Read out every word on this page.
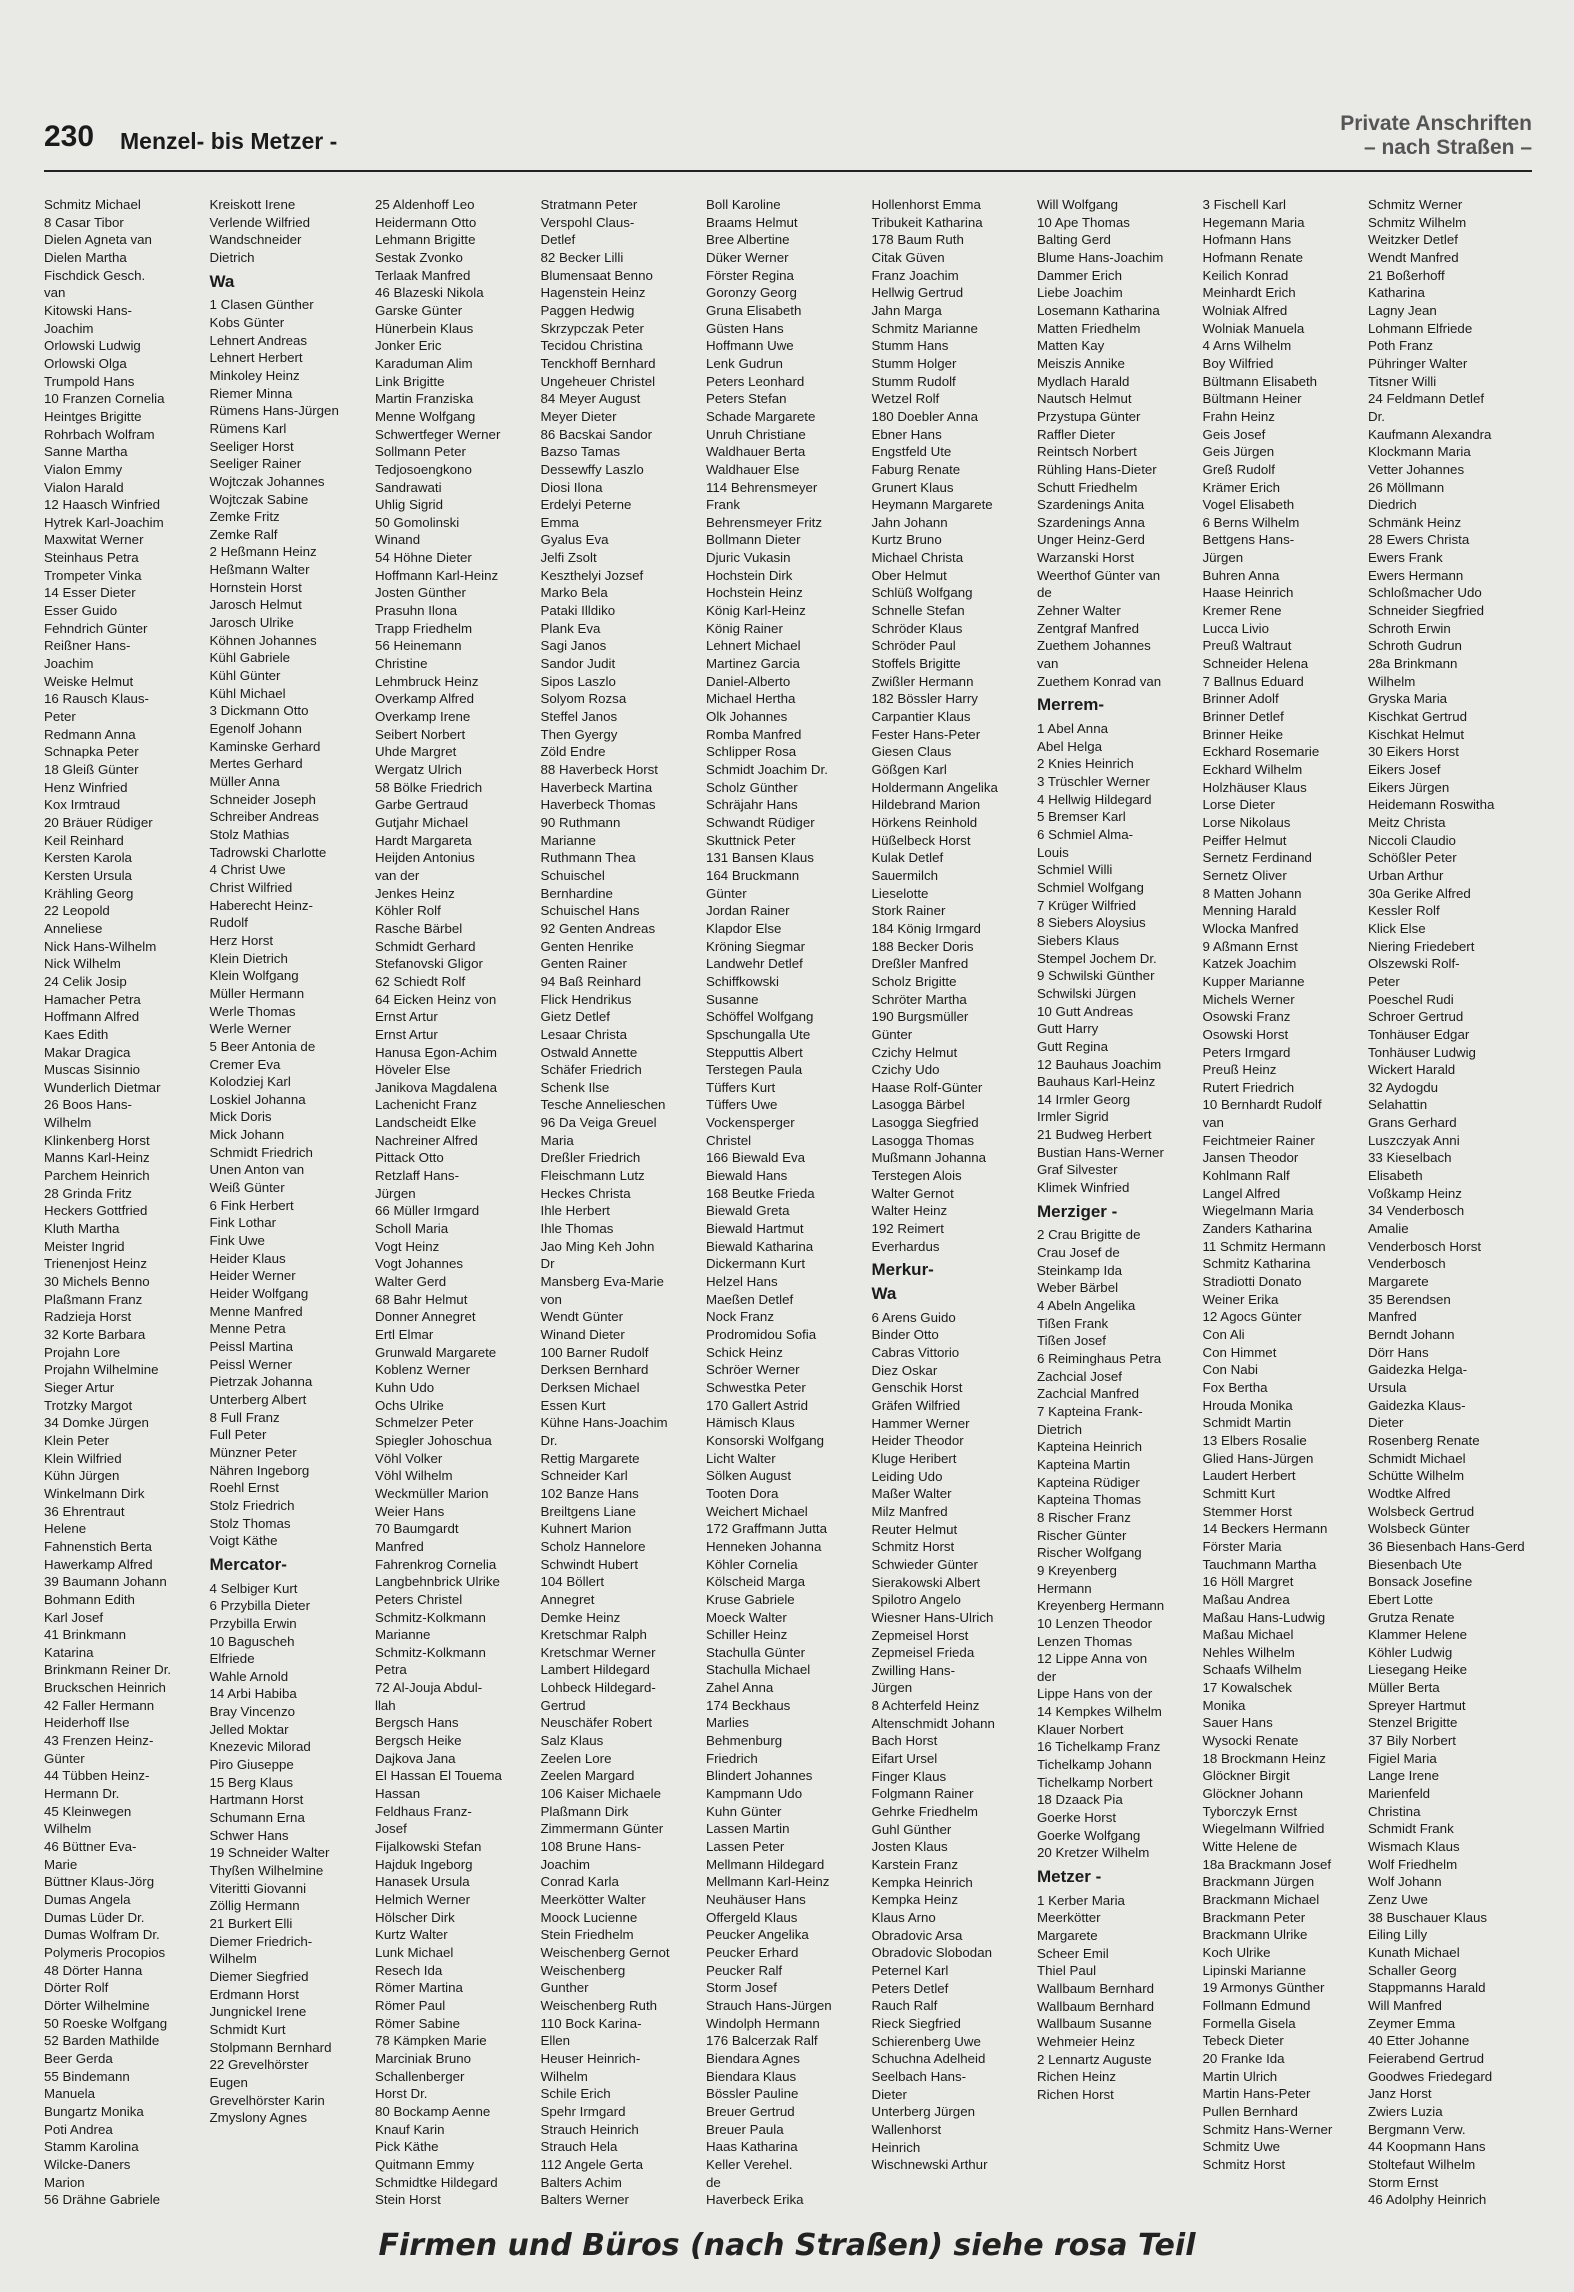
230 Menzel- bis Metzer -
Private Anschriften
– nach Straßen –
Schmitz Michael
8 Casar Tibor
Dielen Agneta van
Dielen Martha
Fischdick Gesch.
van
Kitowski Hans-
Joachim
Orlowski Ludwig
Orlowski Olga
Trumpold Hans
10 Franzen Cornelia
Heintges Brigitte
Rohrbach Wolfram
Sanne Martha
Vialon Emmy
Vialon Harald
12 Haasch Winfried
Hytrek Karl-Joachim
Maxwitat Werner
Steinhaus Petra
Trompeter Vinka
14 Esser Dieter
Esser Guido
Fehndrich Günter
Reißner Hans-
Joachim
Weiske Helmut
16 Rausch Klaus-
Peter
Redmann Anna
Schnapka Peter
18 Gleiß Günter
Henz Winfried
Kox Irmtraud
20 Bräuer Rüdiger
Keil Reinhard
Kersten Karola
Kersten Ursula
Krähling Georg
22 Leopold
Anneliese
Nick Hans-Wilhelm
Nick Wilhelm
24 Celik Josip
Hamacher Petra
Hoffmann Alfred
Kaes Edith
Makar Dragica
Muscas Sisinnio
Wunderlich Dietmar
26 Boos Hans-
Wilhelm
Klinkenberg Horst
Manns Karl-Heinz
Parchem Heinrich
28 Grinda Fritz
Heckers Gottfried
Kluth Martha
Meister Ingrid
Trienenjost Heinz
30 Michels Benno
Plaßmann Franz
Radzieja Horst
32 Korte Barbara
Projahn Lore
Projahn Wilhelmine
Sieger Artur
Trotzky Margot
34 Domke Jürgen
Klein Peter
Klein Wilfried
Kühn Jürgen
Winkelmann Dirk
36 Ehrentraut
Helene
Fahnenstich Berta
Hawerkamp Alfred
39 Baumann Johann
Bohmann Edith
Karl Josef
41 Brinkmann
Katarina
Brinkmann Reiner Dr.
Bruckschen Heinrich
42 Faller Hermann
Heiderhoff Ilse
43 Frenzen Heinz-
Günter
44 Tübben Heinz-
Hermann Dr.
45 Kleinwegen
Wilhelm
46 Büttner Eva-
Marie
Büttner Klaus-Jörg
Dumas Angela
Dumas Lüder Dr.
Dumas Wolfram Dr.
Polymeris Procopios
48 Dörter Hanna
Dörter Rolf
Dörter Wilhelmine
50 Roeske Wolfgang
52 Barden Mathilde
Beer Gerda
55 Bindemann
Manuela
Bungartz Monika
Poti Andrea
Stamm Karolina
Wilcke-Daners
Marion
56 Drähne Gabriele
Kreiskott Irene
Verlende Wilfried
Wandschneider
Dietrich
Wa
1 Clasen Günther
Kobs Günter
Lehnert Andreas
Lehnert Herbert
Minkoley Heinz
Riemer Minna
Rümens Hans-Jürgen
Rümens Karl
Seeliger Horst
Seeliger Rainer
Wojtczak Johannes
Wojtczak Sabine
Zemke Fritz
Zemke Ralf
2 Heßmann Heinz
Heßmann Walter
Hornstein Horst
Jarosch Helmut
Jarosch Ulrike
Köhnen Johannes
Kühl Gabriele
Kühl Günter
Kühl Michael
3 Dickmann Otto
Egenolf Johann
Kaminske Gerhard
Mertes Gerhard
Müller Anna
Schneider Joseph
Schreiber Andreas
Stolz Mathias
Tadrowski Charlotte
4 Christ Uwe
Christ Wilfried
Haberecht Heinz-
Rudolf
Herz Horst
Klein Dietrich
Klein Wolfgang
Müller Hermann
Werle Thomas
Werle Werner
5 Beer Antonia de
Cremer Eva
Kolodziej Karl
Loskiel Johanna
Mick Doris
Mick Johann
Schmidt Friedrich
Unen Anton van
Weiß Günter
6 Fink Herbert
Fink Lothar
Fink Uwe
Heider Klaus
Heider Werner
Heider Wolfgang
Menne Manfred
Menne Petra
Peissl Martina
Peissl Werner
Pietrzak Johanna
Unterberg Albert
8 Full Franz
Full Peter
Münzner Peter
Nähren Ingeborg
Roehl Ernst
Stolz Friedrich
Stolz Thomas
Voigt Käthe
Mercator-
4 Selbiger Kurt
6 Przybilla Dieter
Przybilla Erwin
10 Baguscheh
Elfriede
Wahle Arnold
14 Arbi Habiba
Bray Vincenzo
Jelled Moktar
Knezevic Milorad
Piro Giuseppe
15 Berg Klaus
Hartmann Horst
Schumann Erna
Schwer Hans
19 Schneider Walter
Thyßen Wilhelmine
Viteritti Giovanni
Zöllig Hermann
21 Burkert Elli
Diemer Friedrich-
Wilhelm
Diemer Siegfried
Erdmann Horst
Jungnickel Irene
Schmidt Kurt
Stolpmann Bernhard
22 Grevelhörster
Eugen
Grevelhörster Karin
Zmyslony Agnes
25 Aldenhoff Leo
Heidermann Otto
Lehmann Brigitte
Sestak Zvonko
Terlaak Manfred
46 Blazeski Nikola
Garske Günter
Hünerbein Klaus
Jonker Eric
Karaduman Alim
Link Brigitte
Martin Franziska
Menne Wolfgang
Schwertfeger Werner
Sollmann Peter
Tedjosoengkono
Sandrawati
Uhlig Sigrid
50 Gomolinski
Winand
54 Höhne Dieter
Hoffmann Karl-Heinz
Josten Günther
Prasuhn Ilona
Trapp Friedhelm
56 Heinemann
Christine
Lehmbruck Heinz
Overkamp Alfred
Overkamp Irene
Seibert Norbert
Uhde Margret
Wergatz Ulrich
58 Bölke Friedrich
Garbe Gertraud
Gutjahr Michael
Hardt Margareta
Heijden Antonius
van der
Jenkes Heinz
Köhler Rolf
Rasche Bärbel
Schmidt Gerhard
Stefanovski Gligor
62 Schiedt Rolf
64 Eicken Heinz von
Ernst Artur
Ernst Artur
Hanusa Egon-Achim
Höveler Else
Janikova Magdalena
Lachenicht Franz
Landscheidt Elke
Nachreiner Alfred
Pittack Otto
Retzlaff Hans-
Jürgen
66 Müller Irmgard
Scholl Maria
Vogt Heinz
Vogt Johannes
Walter Gerd
68 Bahr Helmut
Donner Annegret
Ertl Elmar
Grunwald Margarete
Koblenz Werner
Kuhn Udo
Ochs Ulrike
Schmelzer Peter
Spiegler Johoschua
Vöhl Volker
Vöhl Wilhelm
Weckmüller Marion
Weier Hans
70 Baumgardt
Manfred
Fahrenkrog Cornelia
Langbehnbrick Ulrike
Peters Christel
Schmitz-Kolkmann
Marianne
Schmitz-Kolkmann
Petra
72 Al-Jouja Abdul-
llah
Bergsch Hans
Bergsch Heike
Dajkova Jana
El Hassan El Touema
Hassan
Feldhaus Franz-
Josef
Fijalkowski Stefan
Hajduk Ingeborg
Hanasek Ursula
Helmich Werner
Hölscher Dirk
Kurtz Walter
Lunk Michael
Resech Ida
Römer Martina
Römer Paul
Römer Sabine
78 Kämpken Marie
Marciniak Bruno
Schallenberger
Horst Dr.
80 Bockamp Aenne
Knauf Karin
Pick Käthe
Quitmann Emmy
Schmidtke Hildegard
Stein Horst
Stratmann Peter
Verspohl Claus-
Detlef
82 Becker Lilli
Blumensaat Benno
Hagenstein Heinz
Paggen Hedwig
Skrzypczak Peter
Tecidou Christina
Tenckhoff Bernhard
Ungeheuer Christel
84 Meyer August
Meyer Dieter
86 Bacskai Sandor
Bazso Tamas
Dessewffy Laszlo
Diosi Ilona
Erdelyi Peterne
Emma
Gyalus Eva
Jelfi Zsolt
Keszthelyi Jozsef
Marko Bela
Pataki Illdiko
Plank Eva
Sagi Janos
Sandor Judit
Sipos Laszlo
Solyom Rozsa
Steffel Janos
Then Gyergy
Zöld Endre
88 Haverbeck Horst
Haverbeck Martina
Haverbeck Thomas
90 Ruthmann
Marianne
Ruthmann Thea
Schuischel
Bernhardine
Schuischel Hans
92 Genten Andreas
Genten Henrike
Genten Rainer
94 Baß Reinhard
Flick Hendrikus
Gietz Detlef
Lesaar Christa
Ostwald Annette
Schäfer Friedrich
Schenk Ilse
Tesche Annelieschen
96 Da Veiga Greuel
Maria
Dreßler Friedrich
Fleischmann Lutz
Heckes Christa
Ihle Herbert
Ihle Thomas
Jao Ming Keh John
Dr
Mansberg Eva-Marie
von
Wendt Günter
Winand Dieter
100 Barner Rudolf
Derksen Bernhard
Derksen Michael
Essen Kurt
Kühne Hans-Joachim
Dr.
Rettig Margarete
Schneider Karl
102 Banze Hans
Breiltgens Liane
Kuhnert Marion
Scholz Hannelore
Schwindt Hubert
104 Böllert
Annegret
Demke Heinz
Kretschmar Ralph
Kretschmar Werner
Lambert Hildegard
Lohbeck Hildegard-
Gertrud
Neuschäfer Robert
Salz Klaus
Zeelen Lore
Zeelen Margard
106 Kaiser Michaele
Plaßmann Dirk
Zimmermann Günter
108 Brune Hans-
Joachim
Conrad Karla
Meerkötter Walter
Moock Lucienne
Stein Friedhelm
Weischenberg Gernot
Weischenberg
Gunther
Weischenberg Ruth
110 Bock Karina-
Ellen
Heuser Heinrich-
Wilhelm
Schile Erich
Spehr Irmgard
Strauch Heinrich
Strauch Hela
112 Angele Gerta
Balters Achim
Balters Werner
Boll Karoline
Braams Helmut
Bree Albertine
Düker Werner
Förster Regina
Goronzy Georg
Gruna Elisabeth
Güsten Hans
Hoffmann Uwe
Lenk Gudrun
Peters Leonhard
Peters Stefan
Schade Margarete
Unruh Christiane
Waldhauer Berta
Waldhauer Else
114 Behrensmeyer
Frank
Behrensmeyer Fritz
Bollmann Dieter
Djuric Vukasin
Hochstein Dirk
Hochstein Heinz
König Karl-Heinz
König Rainer
Lehnert Michael
Martinez Garcia
Daniel-Alberto
Michael Hertha
Olk Johannes
Romba Manfred
Schlipper Rosa
Schmidt Joachim Dr.
Scholz Günther
Schräjahr Hans
Schwandt Rüdiger
Skuttnick Peter
131 Bansen Klaus
164 Bruckmann
Günter
Jordan Rainer
Klapdor Else
Kröning Siegmar
Landwehr Detlef
Schiffkowski
Susanne
Schöffel Wolfgang
Spschungalla Ute
Stepputtis Albert
Terstegen Paula
Tüffers Kurt
Tüffers Uwe
Vockensperger
Christel
166 Biewald Eva
Biewald Hans
168 Beutke Frieda
Biewald Greta
Biewald Hartmut
Biewald Katharina
Dickermann Kurt
Helzel Hans
Maeßen Detlef
Nock Franz
Prodromidou Sofia
Schick Heinz
Schröer Werner
Schwestka Peter
170 Gallert Astrid
Hämisch Klaus
Konsorski Wolfgang
Licht Walter
Sölken August
Tooten Dora
Weichert Michael
172 Graffmann Jutta
Henneken Johanna
Köhler Cornelia
Kölscheid Marga
Kruse Gabriele
Moeck Walter
Schiller Heinz
Stachulla Günter
Stachulla Michael
Zahel Anna
174 Beckhaus
Marlies
Behmenburg
Friedrich
Blindert Johannes
Kampmann Udo
Kuhn Günter
Lassen Martin
Lassen Peter
Mellmann Hildegard
Mellmann Karl-Heinz
Neuhäuser Hans
Offergeld Klaus
Peucker Angelika
Peucker Erhard
Peucker Ralf
Storm Josef
Strauch Hans-Jürgen
Windolph Hermann
176 Balcerzak Ralf
Biendara Agnes
Biendara Klaus
Bössler Pauline
Breuer Gertrud
Breuer Paula
Haas Katharina
Keller Verehel.
de
Haverbeck Erika
Hollenhorst Emma
Tribukeit Katharina
178 Baum Ruth
Citak Güven
Franz Joachim
Hellwig Gertrud
Jahn Marga
Schmitz Marianne
Stumm Hans
Stumm Holger
Stumm Rudolf
Wetzel Rolf
180 Doebler Anna
Ebner Hans
Engstfeld Ute
Faburg Renate
Grunert Klaus
Heymann Margarete
Jahn Johann
Kurtz Bruno
Michael Christa
Ober Helmut
Schlüß Wolfgang
Schnelle Stefan
Schröder Klaus
Schröder Paul
Stoffels Brigitte
Zwißler Hermann
182 Bössler Harry
Carpantier Klaus
Fester Hans-Peter
Giesen Claus
Gößgen Karl
Holdermann Angelika
Hildebrand Marion
Hörkens Reinhold
Hüßelbeck Horst
Kulak Detlef
Sauermilch
Lieselotte
Stork Rainer
184 König Irmgard
188 Becker Doris
Dreßler Manfred
Scholz Brigitte
Schröter Martha
190 Burgsmüller
Günter
Czichy Helmut
Czichy Udo
Haase Rolf-Günter
Lasogga Bärbel
Lasogga Siegfried
Lasogga Thomas
Mußmann Johanna
Terstegen Alois
Walter Gernot
Walter Heinz
192 Reimert
Everhardus
Merkur-
Wa
6 Arens Guido
Binder Otto
Cabras Vittorio
Diez Oskar
Genschik Horst
Gräfen Wilfried
Hammer Werner
Heider Theodor
Kluge Heribert
Leiding Udo
Maßer Walter
Milz Manfred
Reuter Helmut
Schmitz Horst
Schwieder Günter
Sierakowski Albert
Spilotro Angelo
Wiesner Hans-Ulrich
Zepmeisel Horst
Zepmeisel Frieda
Zwilling Hans-
Jürgen
8 Achterfeld Heinz
Altenschmidt Johann
Bach Horst
Eifart Ursel
Finger Klaus
Folgmann Rainer
Gehrke Friedhelm
Guhl Günther
Josten Klaus
Karstein Franz
Kempka Heinrich
Kempka Heinz
Klaus Arno
Obradovic Arsa
Obradovic Slobodan
Peternel Karl
Peters Detlef
Rauch Ralf
Rieck Siegfried
Schierenberg Uwe
Schuchna Adelheid
Seelbach Hans-
Dieter
Unterberg Jürgen
Wallenhorst
Heinrich
Wischnewski Arthur
Will Wolfgang
10 Ape Thomas
Balting Gerd
Blume Hans-Joachim
Dammer Erich
Liebe Joachim
Losemann Katharina
Matten Friedhelm
Matten Kay
Meiszis Annike
Mydlach Harald
Nautsch Helmut
Przystupa Günter
Raffler Dieter
Reintsch Norbert
Rühling Hans-Dieter
Schutt Friedhelm
Szardenings Anita
Szardenings Anna
Unger Heinz-Gerd
Warzanski Horst
Weerthof Günter van
de
Zehner Walter
Zentgraf Manfred
Zuethem Johannes
van
Zuethem Konrad van
Merrem-
1 Abel Anna
Abel Helga
2 Knies Heinrich
3 Trüschler Werner
4 Hellwig Hildegard
5 Bremser Karl
6 Schmiel Alma-
Louis
Schmiel Willi
Schmiel Wolfgang
7 Krüger Wilfried
8 Siebers Aloysius
Siebers Klaus
Stempel Jochem Dr.
9 Schwilski Günther
Schwilski Jürgen
10 Gutt Andreas
Gutt Harry
Gutt Regina
12 Bauhaus Joachim
Bauhaus Karl-Heinz
14 Irmler Georg
Irmler Sigrid
21 Budweg Herbert
Bustian Hans-Werner
Graf Silvester
Klimek Winfried
Merziger -
2 Crau Brigitte de
Crau Josef de
Steinkamp Ida
Weber Bärbel
4 Abeln Angelika
Tißen Frank
Tißen Josef
6 Reiminghaus Petra
Zachcial Josef
Zachcial Manfred
7 Kapteina Frank-
Dietrich
Kapteina Heinrich
Kapteina Martin
Kapteina Rüdiger
Kapteina Thomas
8 Rischer Franz
Rischer Günter
Rischer Wolfgang
9 Kreyenberg
Hermann
Kreyenberg Hermann
10 Lenzen Theodor
Lenzen Thomas
12 Lippe Anna von
der
Lippe Hans von der
14 Kempkes Wilhelm
Klauer Norbert
16 Tichelkamp Franz
Tichelkamp Johann
Tichelkamp Norbert
18 Dzaack Pia
Goerke Horst
Goerke Wolfgang
20 Kretzer Wilhelm
Metzer -
1 Kerber Maria
Meerkötter
Margarete
Scheer Emil
Thiel Paul
Wallbaum Bernhard
Wallbaum Bernhard
Wallbaum Susanne
Wehmeier Heinz
2 Lennartz Auguste
Richen Heinz
Richen Horst
3 Fischell Karl
Hegemann Maria
Hofmann Hans
Hofmann Renate
Keilich Konrad
Meinhardt Erich
Wolniak Alfred
Wolniak Manuela
4 Arns Wilhelm
Boy Wilfried
Bültmann Elisabeth
Bültmann Heiner
Frahn Heinz
Geis Josef
Geis Jürgen
Greß Rudolf
Krämer Erich
Vogel Elisabeth
6 Berns Wilhelm
Bettgens Hans-
Jürgen
Buhren Anna
Haase Heinrich
Kremer Rene
Lucca Livio
Preuß Waltraut
Schneider Helena
7 Ballnus Eduard
Brinner Adolf
Brinner Detlef
Brinner Heike
Eckhard Rosemarie
Eckhard Wilhelm
Holzhäuser Klaus
Lorse Dieter
Lorse Nikolaus
Peiffer Helmut
Sernetz Ferdinand
Sernetz Oliver
8 Matten Johann
Menning Harald
Wlocka Manfred
9 Aßmann Ernst
Katzek Joachim
Kupper Marianne
Michels Werner
Osowski Franz
Osowski Horst
Peters Irmgard
Preuß Heinz
Rutert Friedrich
10 Bernhardt Rudolf
van
Feichtmeier Rainer
Jansen Theodor
Kohlmann Ralf
Langel Alfred
Wiegelmann Maria
Zanders Katharina
11 Schmitz Hermann
Schmitz Katharina
Stradiotti Donato
Weiner Erika
12 Agocs Günter
Con Ali
Con Himmet
Con Nabi
Fox Bertha
Hrouda Monika
Schmidt Martin
13 Elbers Rosalie
Glied Hans-Jürgen
Laudert Herbert
Schmitt Kurt
Stemmer Horst
14 Beckers Hermann
Förster Maria
Tauchmann Martha
16 Höll Margret
Maßau Andrea
Maßau Hans-Ludwig
Maßau Michael
Nehles Wilhelm
Schaafs Wilhelm
17 Kowalschek
Monika
Sauer Hans
Wysocki Renate
18 Brockmann Heinz
Glöckner Birgit
Glöckner Johann
Tyborczyk Ernst
Wiegelmann Wilfried
Witte Helene de
18a Brackmann Josef
Brackmann Jürgen
Brackmann Michael
Brackmann Peter
Brackmann Ulrike
Koch Ulrike
Lipinski Marianne
19 Armonys Günther
Follmann Edmund
Formella Gisela
Tebeck Dieter
20 Franke Ida
Martin Ulrich
Martin Hans-Peter
Pullen Bernhard
Schmitz Hans-Werner
Schmitz Uwe
Schmitz Horst
Schmitz Werner
Schmitz Wilhelm
Weitzker Detlef
Wendt Manfred
21 Boßerhoff
Katharina
Lagny Jean
Lohmann Elfriede
Poth Franz
Pühringer Walter
Titsner Willi
24 Feldmann Detlef
Dr.
Kaufmann Alexandra
Klockmann Maria
Vetter Johannes
26 Möllmann
Diedrich
Schmänk Heinz
28 Ewers Christa
Ewers Frank
Ewers Hermann
Schloßmacher Udo
Schneider Siegfried
Schroth Erwin
Schroth Gudrun
28a Brinkmann
Wilhelm
Gryska Maria
Kischkat Gertrud
Kischkat Helmut
30 Eikers Horst
Eikers Josef
Eikers Jürgen
Heidemann Roswitha
Meitz Christa
Niccoli Claudio
Schößler Peter
Urban Arthur
30a Gerike Alfred
Kessler Rolf
Klick Else
Niering Friedebert
Olszewski Rolf-
Peter
Poeschel Rudi
Schroer Gertrud
Tonhäuser Edgar
Tonhäuser Ludwig
Wickert Harald
32 Aydogdu
Selahattin
Grans Gerhard
Luszczyak Anni
33 Kieselbach
Elisabeth
Voßkamp Heinz
34 Venderbosch
Amalie
Venderbosch Horst
Venderbosch
Margarete
35 Berendsen
Manfred
Berndt Johann
Dörr Hans
Gaidezka Helga-
Ursula
Gaidezka Klaus-
Dieter
Rosenberg Renate
Schmidt Michael
Schütte Wilhelm
Wodtke Alfred
Wolsbeck Gertrud
Wolsbeck Günter
36 Biesenbach Hans-Gerd
Biesenbach Ute
Bonsack Josefine
Ebert Lotte
Grutza Renate
Klammer Helene
Köhler Ludwig
Liesegang Heike
Müller Berta
Spreyer Hartmut
Stenzel Brigitte
37 Bily Norbert
Figiel Maria
Lange Irene
Marienfeld
Christina
Schmidt Frank
Wismach Klaus
Wolf Friedhelm
Wolf Johann
Zenz Uwe
38 Buschauer Klaus
Eiling Lilly
Kunath Michael
Schaller Georg
Stappmanns Harald
Will Manfred
Zeymer Emma
40 Etter Johanne
Feierabend Gertrud
Goodwes Friedegard
Janz Horst
Zwiers Luzia
Bergmann Verw.
44 Koopmann Hans
Stoltefaut Wilhelm
Storm Ernst
46 Adolphy Heinrich
Firmen und Büros (nach Straßen) siehe rosa Teil
